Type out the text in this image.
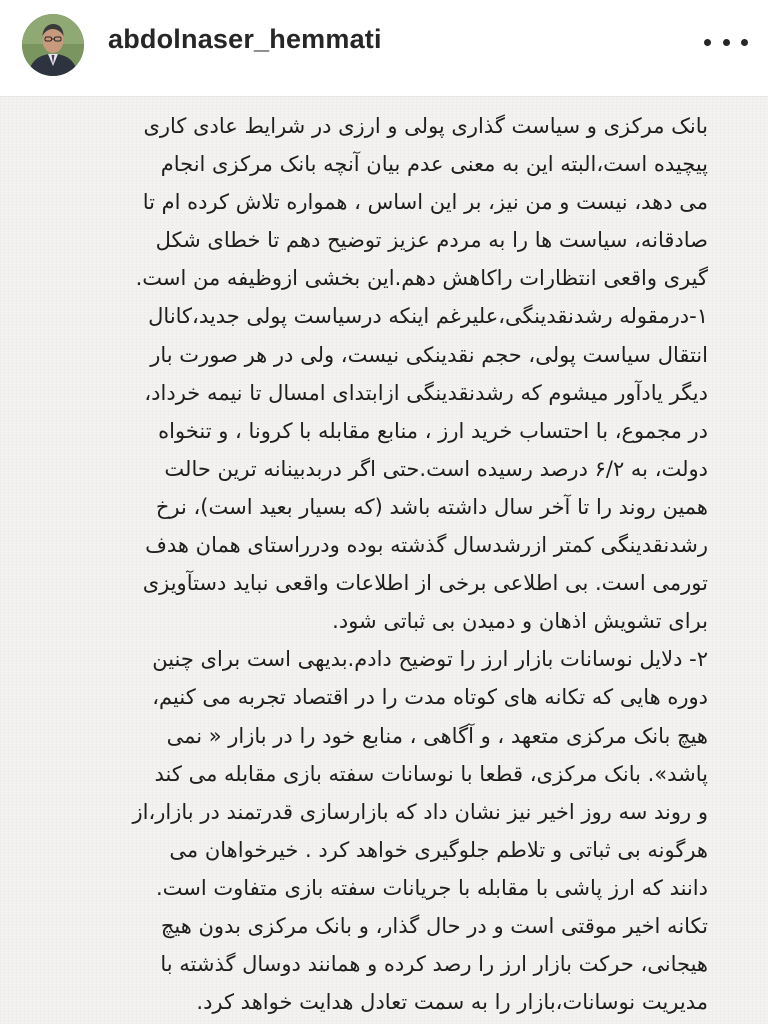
abdolnaser_hemmati
بانک مرکزی و سیاست گذاری پولی و ارزی در شرایط عادی کاری
پیچیده است،البته این به معنی عدم بیان آنچه بانک مرکزی انجام
می دهد، نیست و من نیز، بر این اساس ، همواره تلاش کرده ام تا
صادقانه، سیاست ها را به مردم عزیز توضیح دهم تا خطای شکل
گیری واقعی انتظارات راکاهش دهم.این بخشی ازوظیفه من است.
۱-درمقوله رشدنقدینگی،علیرغم اینکه درسیاست پولی جدید،کانال
انتقال سیاست پولی، حجم نقدینکی نیست، ولی در هر صورت بار
دیگر یادآور میشوم که رشدنقدینگی ازابتدای امسال تا نیمه خرداد،
در مجموع، با احتساب خرید ارز ، منابع مقابله با کرونا ، و تنخواه
دولت، به ۶/۲ درصد رسیده است.حتی اگر دربدبینانه ترین حالت
همین روند را تا آخر سال داشته باشد (که بسیار بعید است)، نرخ
رشدنقدینگی کمتر ازرشدسال گذشته بوده ودرراستای همان هدف
تورمی است. بی اطلاعی برخی از اطلاعات واقعی نباید دستآویزی
برای تشویش اذهان و دمیدن بی ثباتی شود.
۲- دلایل نوسانات بازار ارز را توضیح دادم.بدیهی است برای چنین
دوره هایی که تکانه های کوتاه مدت را در اقتصاد تجربه می کنیم،
هیچ بانک مرکزی متعهد ، و آگاهی ، منابع خود را در بازار « نمی
پاشد». بانک مرکزی، قطعا با نوسانات سفته بازی مقابله می کند
و روند سه روز اخیر نیز نشان داد که بازارسازی قدرتمند در بازار،از
هرگونه بی ثباتی و تلاطم جلوگیری خواهد کرد . خیرخواهان می
دانند که ارز پاشی با مقابله با جریانات سفته بازی متفاوت است.
تکانه اخیر موقتی است و در حال گذار، و بانک مرکزی بدون هیچ
هیجانی، حرکت بازار ارز را رصد کرده و همانند دوسال گذشته با
مدیریت نوسانات،بازار را به سمت تعادل هدایت خواهد کرد.
